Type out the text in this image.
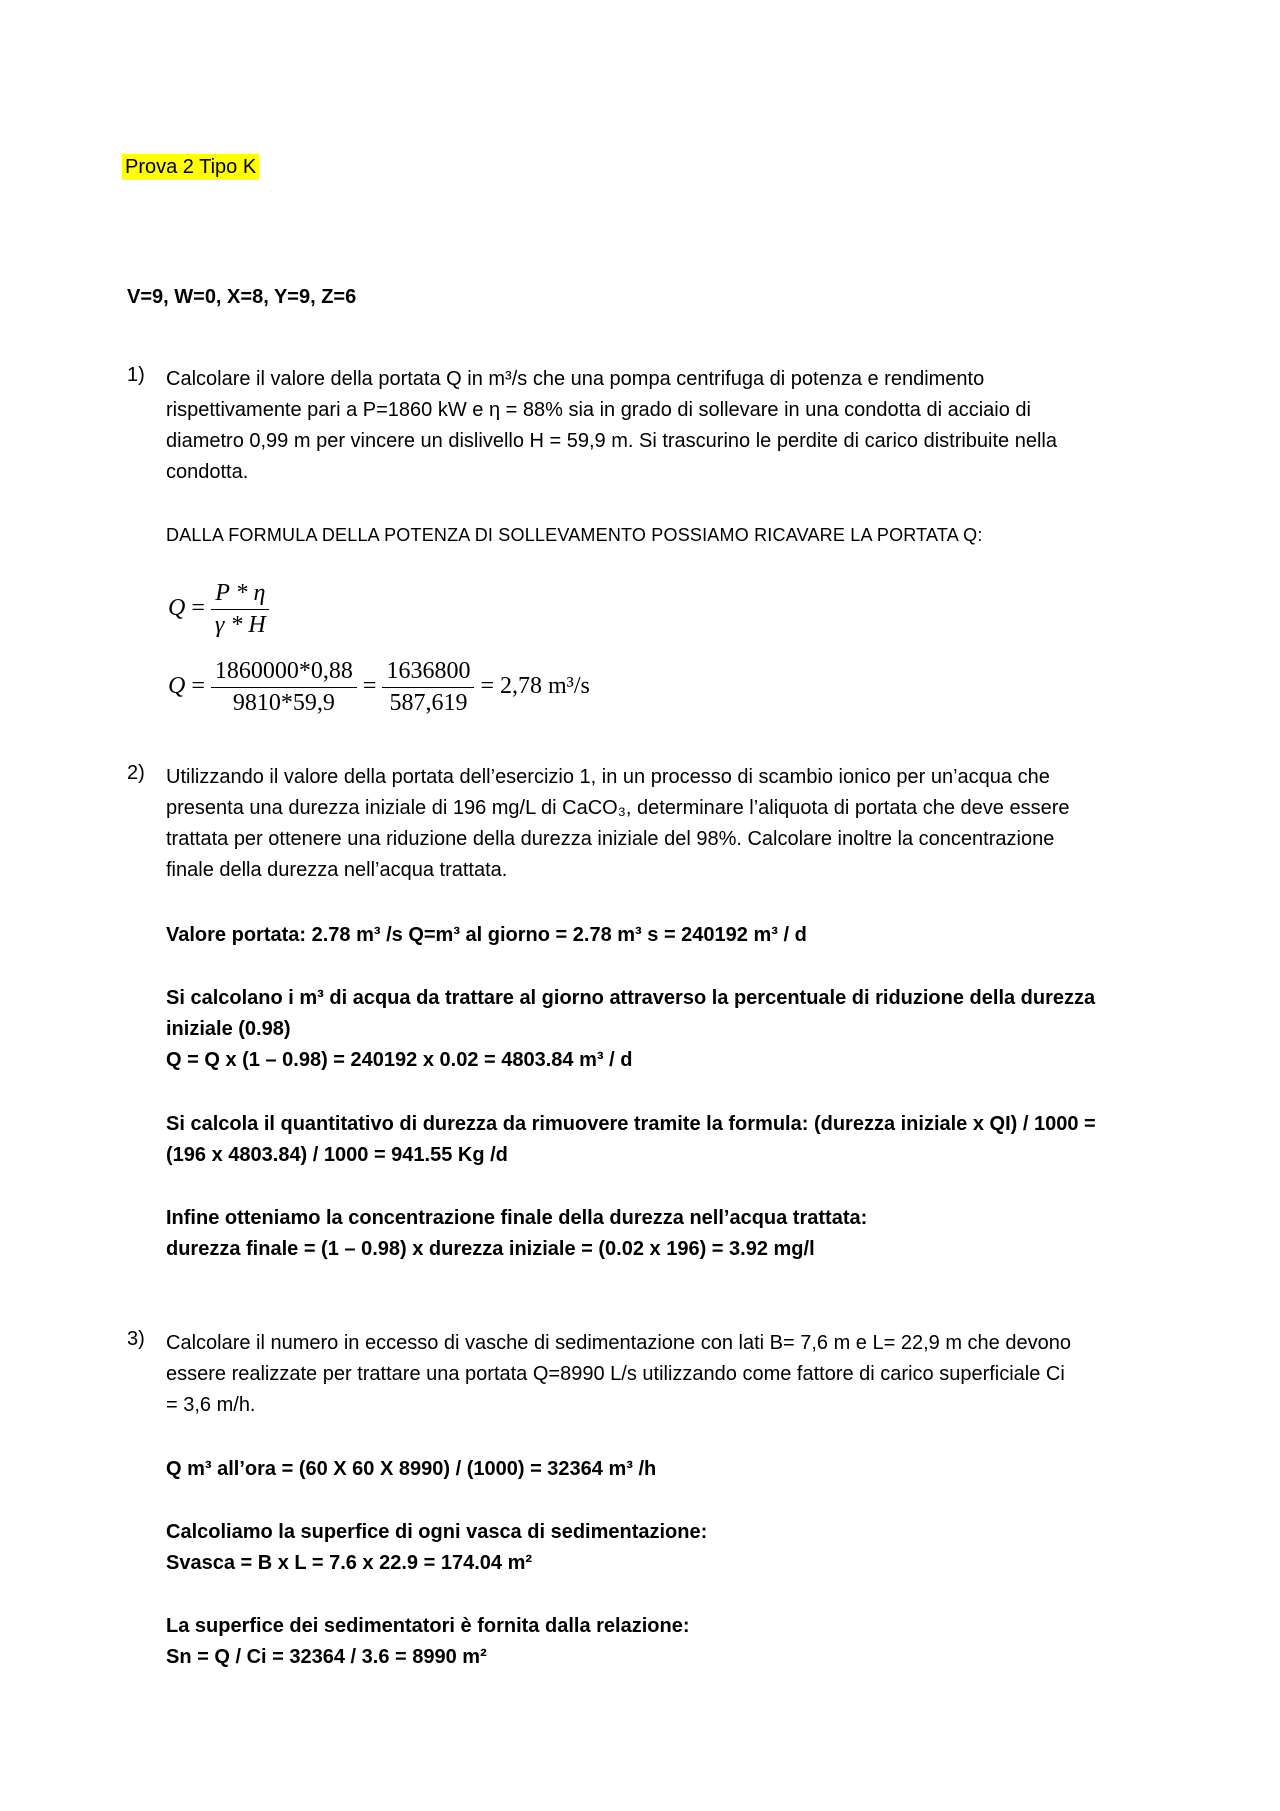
Prova 2 Tipo K
V=9, W=0, X=8, Y=9, Z=6
1)	Calcolare il valore della portata Q in m³/s che una pompa centrifuga di potenza e rendimento

rispettivamente pari a P=1860 kW e η = 88% sia in grado di sollevare in una condotta di acciaio di

diametro 0,99 m per vincere un dislivello H = 59,9 m. Si trascurino le perdite di carico distribuite nella

condotta.

DALLA FORMULA DELLA POTENZA DI SOLLEVAMENTO POSSIAMO RICAVARE LA PORTATA Q:
$Q = \frac{P * \eta}{\gamma * H}$
$Q = \frac{1860000*0,88}{9810*59,9} = \frac{1636800}{587,619} = 2,78$ m³/s
2)	Utilizzando il valore della portata dell’esercizio 1, in un processo di scambio ionico per un’acqua che

presenta una durezza iniziale di 196 mg/L di CaCO₃, determinare l’aliquota di portata che deve essere

trattata per ottenere una riduzione della durezza iniziale del 98%. Calcolare inoltre la concentrazione

finale della durezza nell’acqua trattata.

Valore portata: 2.78 m³ /s Q=m³ al giorno = 2.78 m³ s = 240192 m³ / d

Si calcolano i m³ di acqua da trattare al giorno attraverso la percentuale di riduzione della durezza

iniziale (0.98)

Q = Q x (1 – 0.98) = 240192 x 0.02 = 4803.84 m³ / d

Si calcola il quantitativo di durezza da rimuovere tramite la formula: (durezza iniziale x QI) / 1000 =

(196 x 4803.84) / 1000 = 941.55 Kg /d

Infine otteniamo la concentrazione finale della durezza nell’acqua trattata:

durezza finale = (1 – 0.98) x durezza iniziale = (0.02 x 196) = 3.92 mg/l

3)	Calcolare il numero in eccesso di vasche di sedimentazione con lati B= 7,6 m e L= 22,9 m che devono

essere realizzate per trattare una portata Q=8990 L/s utilizzando come fattore di carico superficiale Ci

= 3,6 m/h.

Q m³ all’ora = (60 X 60 X 8990) / (1000) = 32364 m³ /h

Calcoliamo la superfice di ogni vasca di sedimentazione:

Svasca = B x L = 7.6 x 22.9 = 174.04 m²

La superfice dei sedimentatori è fornita dalla relazione:

Sn = Q / Ci = 32364 / 3.6 = 8990 m²
